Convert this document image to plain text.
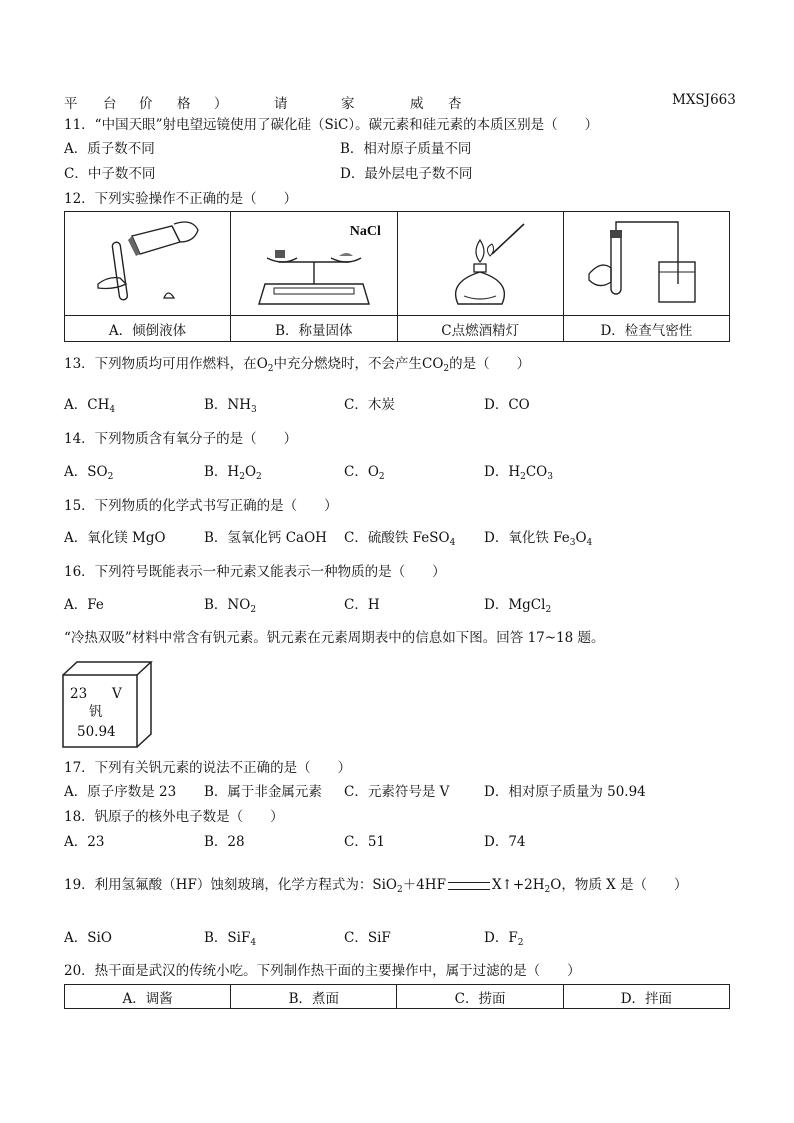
平 台 价 格 ）	请	家	威 杏	MXSJ663
11．“中国天眼”射电望远镜使用了碳化硅（SiC）。碳元素和硅元素的本质区别是（　　）
A．质子数不同	B．相对原子质量不同
C．中子数不同	D．最外层电子数不同
12．下列实验操作不正确的是（　　）

NaCl

A．倾倒液体	B．称量固体	C点燃酒精灯	D．检查气密性
13．下列物质均可用作燃料，在$O_2$中充分燃烧时，不会产生$CO_2$的是（　　）
A．$CH_4$	B．$NH_3$	C．木炭	D．CO
14．下列物质含有氧分子的是（　　）
A．$SO_2$	B．$H_2O_2$	C．$O_2$	D．$H_2CO_3$
15．下列物质的化学式书写正确的是（　　）
A．氧化镁 MgO	B．氢氧化钙 CaOH C．硫酸铁 FeSO$_4$ D．氧化铁 $Fe_3O_4$
16．下列符号既能表示一种元素又能表示一种物质的是（　　）
A．Fe	B．$NO_2$	C．H	D．MgCl$_2$
“冷热双吸”材料中常含有钒元素。钒元素在元素周期表中的信息如下图。回答 17~18 题。
23 V
钒
50.94
17．下列有关钒元素的说法不正确的是（　　）
A．原子序数是 23 B．属于非金属元素 C．元素符号是 V	D．相对原子质量为 50.94
18．钒原子的核外电子数是（　　）
A．23	B．28	C．51	D．74
19．利用氢氟酸（HF）蚀刻玻璃，化学方程式为：SiO$_2$＋4HF	$X↑+2H_2O$，物质 X 是（　　）
A．SiO	B．SiF$_4$	C．SiF	D．$F_2$
20．热干面是武汉的传统小吃。下列制作热干面的主要操作中，属于过滤的是（　　）
A．调酱	B．煮面	C．捞面	D．拌面
